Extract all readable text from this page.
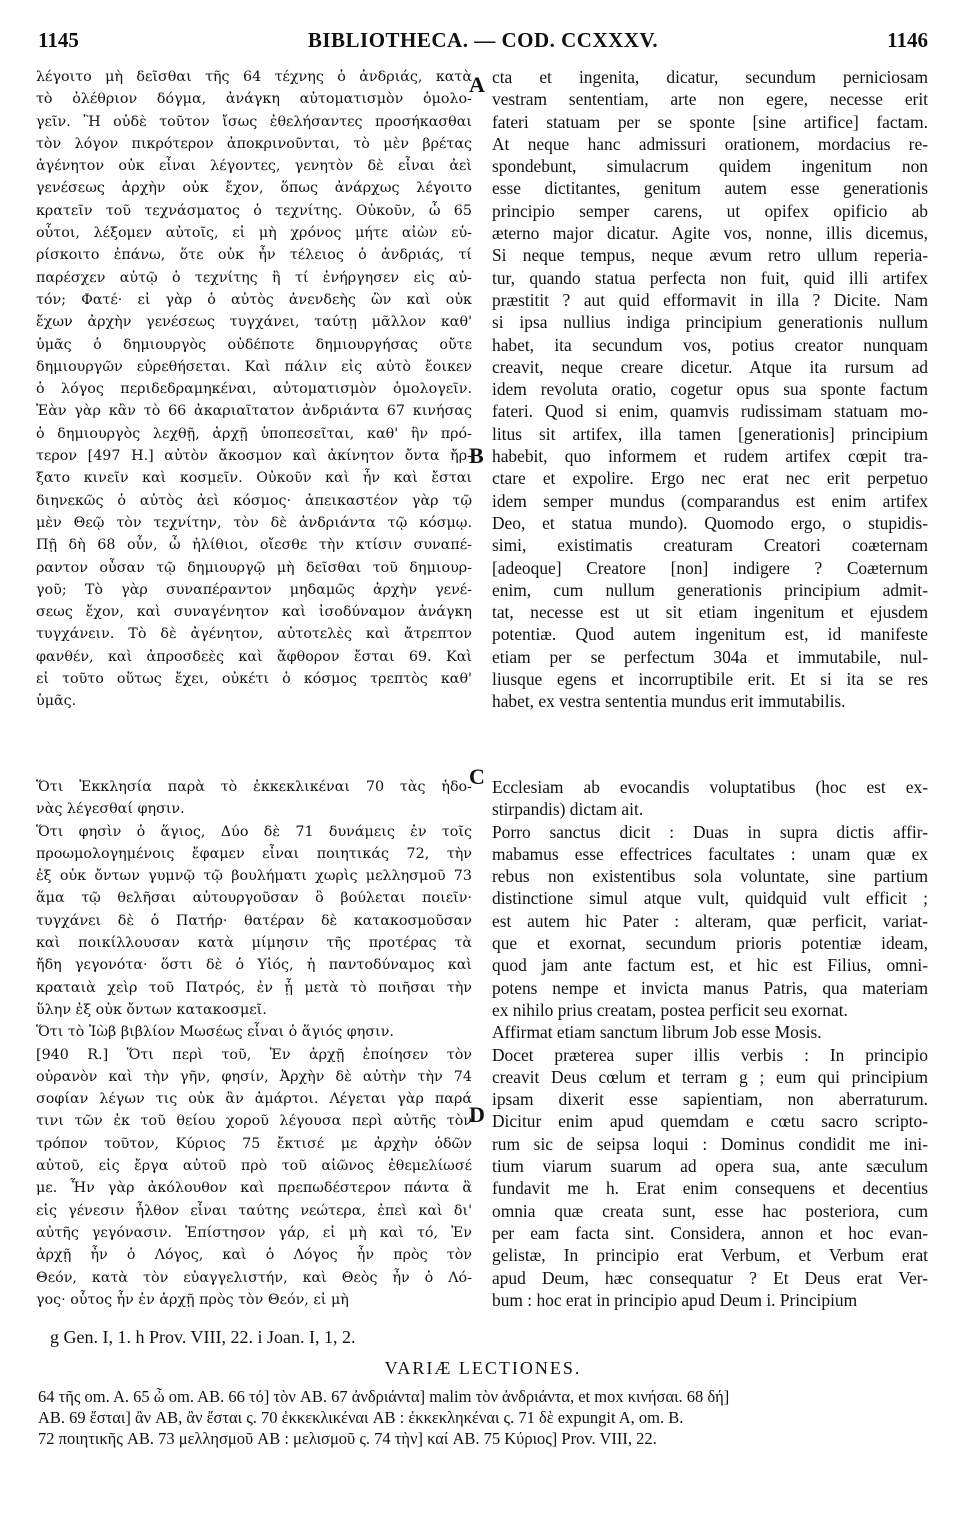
1145	BIBLIOTHECA. — COD. CCXXXV.	1146
A
B
C
D
λέγοιτο μὴ δεῖσθαι τῆς 64 τέχνης ὁ ἀνδριάς, κατὰ
τὸ ὀλέθριον δόγμα, ἀνάγκη αὐτοματισμὸν ὁμολο-
γεῖν. Ἢ οὐδὲ τοῦτον ἴσως ἐθελήσαντες προσήκασθαι
τὸν λόγον πικρότερον ἀποκρινοῦνται, τὸ μὲν βρέτας
ἀγένητον οὐκ εἶναι λέγοντες, γενητὸν δὲ εἶναι ἀεὶ
γενέσεως ἀρχὴν οὐκ ἔχον, ὅπως ἀνάρχως λέγοιτο
κρατεῖν τοῦ τεχνάσματος ὁ τεχνίτης. Οὐκοῦν, ὦ 65
οὗτοι, λέξομεν αὐτοῖς, εἰ μὴ χρόνος μήτε αἰὼν εὑ-
ρίσκοιτο ἐπάνω, ὅτε οὐκ ἦν τέλειος ὁ ἀνδριάς, τί
παρέσχεν αὐτῷ ὁ τεχνίτης ἢ τί ἐνήργησεν εἰς αὐ-
τόν; Φατέ· εἰ γὰρ ὁ αὐτὸς ἀνενδεὴς ὢν καὶ οὐκ
ἔχων ἀρχὴν γενέσεως τυγχάνει, ταύτῃ μᾶλλον καθ'
ὑμᾶς ὁ δημιουργὸς οὐδέποτε δημιουργήσας οὔτε
δημιουργῶν εὑρεθήσεται. Καὶ πάλιν εἰς αὐτὸ ἔοικεν
ὁ λόγος περιδεδραμηκέναι, αὐτοματισμὸν ὁμολογεῖν.
Ἐὰν γὰρ κἂν τὸ 66 ἀκαριαῖτατον ἀνδριάντα 67 κινήσας
ὁ δημιουργὸς λεχθῇ, ἀρχῇ ὑποπεσεῖται, καθ' ἣν πρό-
τερον [497 H.] αὐτὸν ἄκοσμον καὶ ἀκίνητον ὄντα ἤρ-
ξατο κινεῖν καὶ κοσμεῖν. Οὐκοῦν καὶ ἦν καὶ ἔσται
διηνεκῶς ὁ αὐτὸς ἀεὶ κόσμος· ἀπεικαστέον γὰρ τῷ
μὲν Θεῷ τὸν τεχνίτην, τὸν δὲ ἀνδριάντα τῷ κόσμῳ.
Πῇ δὴ 68 οὖν, ὦ ἠλίθιοι, οἴεσθε τὴν κτίσιν συναπέ-
ραντον οὖσαν τῷ δημιουργῷ μὴ δεῖσθαι τοῦ δημιουρ-
γοῦ; Τὸ γὰρ συναπέραντον μηδαμῶς ἀρχὴν γενέ-
σεως ἔχον, καὶ συναγένητον καὶ ἰσοδύναμον ἀνάγκη
τυγχάνειν. Τὸ δὲ ἀγένητον, αὐτοτελὲς καὶ ἄτρεπτον
φανθέν, καὶ ἀπροσδεὲς καὶ ἄφθορον ἔσται 69. Καὶ
εἰ τοῦτο οὕτως ἔχει, οὐκέτι ὁ κόσμος τρεπτὸς καθ'
ὑμᾶς.
cta et ingenita, dicatur, secundum perniciosam
vestram sententiam, arte non egere, necesse erit
fateri statuam per se sponte [sine artifice] factam.
At neque hanc admissuri orationem, mordacius re-
spondebunt, simulacrum quidem ingenitum non
esse dictitantes, genitum autem esse generationis
principio semper carens, ut opifex opificio ab
æterno major dicatur. Agite vos, nonne, illis dicemus,
Si neque tempus, neque ævum retro ullum reperia-
tur, quando statua perfecta non fuit, quid illi artifex
præstitit ? aut quid efformavit in illa ? Dicite. Nam
si ipsa nullius indiga principium generationis nullum
habet, ita secundum vos, potius creator nunquam
creavit, neque creare dicetur. Atque ita rursum ad
idem revoluta oratio, cogetur opus sua sponte factum
fateri. Quod si enim, quamvis rudissimam statuam mo-
litus sit artifex, illa tamen [generationis] principium
habebit, quo informem et rudem artifex cœpit tra-
ctare et expolire. Ergo nec erat nec erit perpetuo
idem semper mundus (comparandus est enim artifex
Deo, et statua mundo). Quomodo ergo, o stupidis-
simi, existimatis creaturam Creatori coæternam
[adeoque] Creatore [non] indigere ? Coæternum
enim, cum nullum generationis principium admit-
tat, necesse est ut sit etiam ingenitum et ejusdem
potentiæ. Quod autem ingenitum est, id manifeste
etiam per se perfectum 304a et immutabile, nul-
liusque egens et incorruptibile erit. Et si ita se res
habet, ex vestra sententia mundus erit immutabilis.
Ὅτι Ἐκκλησία παρὰ τὸ ἐκκεκλικέναι 70 τὰς ἡδο-
νὰς λέγεσθαί φησιν.
Ὅτι φησὶν ὁ ἅγιος, Δύο δὲ 71 δυνάμεις ἐν τοῖς
προωμολογημένοις ἔφαμεν εἶναι ποιητικάς 72, τὴν
ἐξ οὐκ ὄντων γυμνῷ τῷ βουλήματι χωρὶς μελλησμοῦ 73
ἅμα τῷ θελῆσαι αὐτουργοῦσαν ὃ βούλεται ποιεῖν·
τυγχάνει δὲ ὁ Πατήρ· θατέραν δὲ κατακοσμοῦσαν
καὶ ποικίλλουσαν κατὰ μίμησιν τῆς προτέρας τὰ
ἤδη γεγονότα· ὅστι δὲ ὁ Υἱός, ἡ παντοδύναμος καὶ
κραταιὰ χεὶρ τοῦ Πατρός, ἐν ᾗ μετὰ τὸ ποιῆσαι τὴν
ὕλην ἐξ οὐκ ὄντων κατακοσμεῖ.
Ὅτι τὸ Ἰὼβ βιβλίον Μωσέως εἶναι ὁ ἅγιός φησιν.
[940 R.] Ὅτι περὶ τοῦ, Ἐν ἀρχῇ ἐποίησεν τὸν
οὐρανὸν καὶ τὴν γῆν, φησίν, Ἀρχὴν δὲ αὐτὴν τὴν 74
σοφίαν λέγων τις οὐκ ἂν ἁμάρτοι. Λέγεται γὰρ παρά
τινι τῶν ἐκ τοῦ θείου χοροῦ λέγουσα περὶ αὐτῆς τὸν
τρόπον τοῦτον, Κύριος 75 ἔκτισέ με ἀρχὴν ὁδῶν
αὐτοῦ, εἰς ἔργα αὐτοῦ πρὸ τοῦ αἰῶνος ἐθεμελίωσέ
με. Ἦν γὰρ ἀκόλουθον καὶ πρεπωδέστερον πάντα ἃ
εἰς γένεσιν ἦλθον εἶναι ταύτης νεώτερα, ἐπεὶ καὶ δι'
αὐτῆς γεγόνασιν. Ἐπίστησον γάρ, εἰ μὴ καὶ τό, Ἐν
ἀρχῇ ἦν ὁ Λόγος, καὶ ὁ Λόγος ἦν πρὸς τὸν
Θεόν, κατὰ τὸν εὐαγγελιστήν, καὶ Θεὸς ἦν ὁ Λό-
γος· οὗτος ἦν ἐν ἀρχῇ πρὸς τὸν Θεόν, εἰ μὴ
Ecclesiam ab evocandis voluptatibus (hoc est ex-
stirpandis) dictam ait.
Porro sanctus dicit : Duas in supra dictis affir-
mabamus esse effectrices facultates : unam quæ ex
rebus non existentibus sola voluntate, sine partium
distinctione simul atque vult, quidquid vult efficit ;
est autem hic Pater : alteram, quæ perficit, variat-
que et exornat, secundum prioris potentiæ ideam,
quod jam ante factum est, et hic est Filius, omni-
potens nempe et invicta manus Patris, qua materiam
ex nihilo prius creatam, postea perficit seu exornat.
Affirmat etiam sanctum librum Job esse Mosis.
Docet præterea super illis verbis : In principio
creavit Deus cœlum et terram g ; eum qui principium
ipsam dixerit esse sapientiam, non aberraturum.
Dicitur enim apud quemdam e cœtu sacro scripto-
rum sic de seipsa loqui : Dominus condidit me ini-
tium viarum suarum ad opera sua, ante sæculum
fundavit me h. Erat enim consequens et decentius
omnia quæ creata sunt, esse hac posteriora, cum
per eam facta sint. Considera, annon et hoc evan-
gelistæ, In principio erat Verbum, et Verbum erat
apud Deum, hæc consequatur ? Et Deus erat Ver-
bum : hoc erat in principio apud Deum i. Principium
g Gen. I, 1. h Prov. VIII, 22. i Joan. I, 1, 2.
VARIÆ LECTIONES.
64 τῆς om. A. 65 ὦ om. AB. 66 τό] τὸν AB. 67 ἀνδριάντα] malim τὸν ἀνδριάντα, et mox κινήσαι. 68 δή]
AB. 69 ἔσται] ἂν AB, ἂν ἔσται ς. 70 ἐκκεκλικέναι AB : ἐκκεκληκέναι ς. 71 δὲ expungit A, om. B.
72 ποιητικῆς AB. 73 μελλησμοῦ AB : μελισμοῦ ς. 74 τὴν] καί AB. 75 Κύριος] Prov. VIII, 22.
